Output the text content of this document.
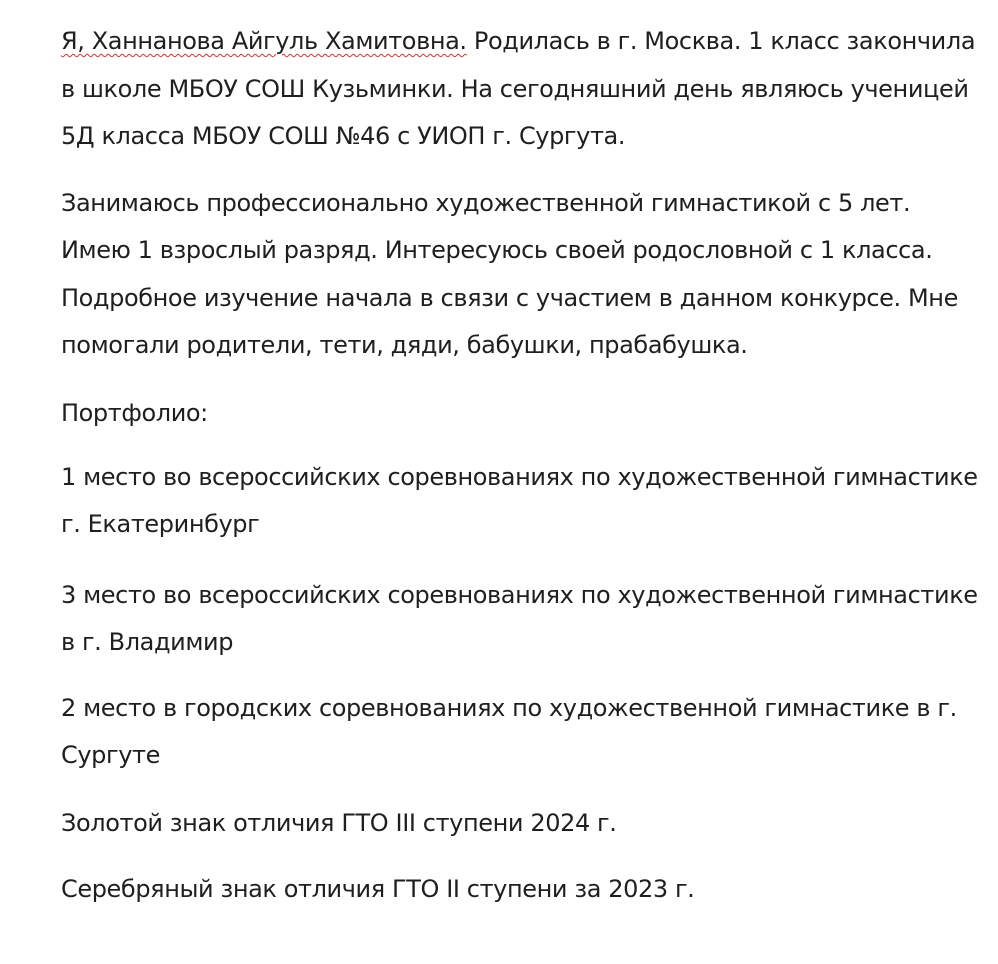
Я, Ханнанова Айгуль Хамитовна. Родилась в г. Москва. 1 класс закончила в школе МБОУ СОШ Кузьминки. На сегодняшний день являюсь ученицей 5Д класса МБОУ СОШ №46 с УИОП г. Сургута.

Занимаюсь профессионально художественной гимнастикой с 5 лет. Имею 1 взрослый разряд. Интересуюсь своей родословной с 1 класса. Подробное изучение начала в связи с участием в данном конкурсе. Мне помогали родители, тети, дяди, бабушки, прабабушка.

Портфолио:

1 место во всероссийских соревнованиях по художественной гимнастике г. Екатеринбург

3 место во всероссийских соревнованиях по художественной гимнастике в г. Владимир

2 место в городских соревнованиях по художественной гимнастике в г. Сургуте

Золотой знак отличия ГТО III ступени 2024 г.

Серебряный знак отличия ГТО II ступени за 2023 г.
